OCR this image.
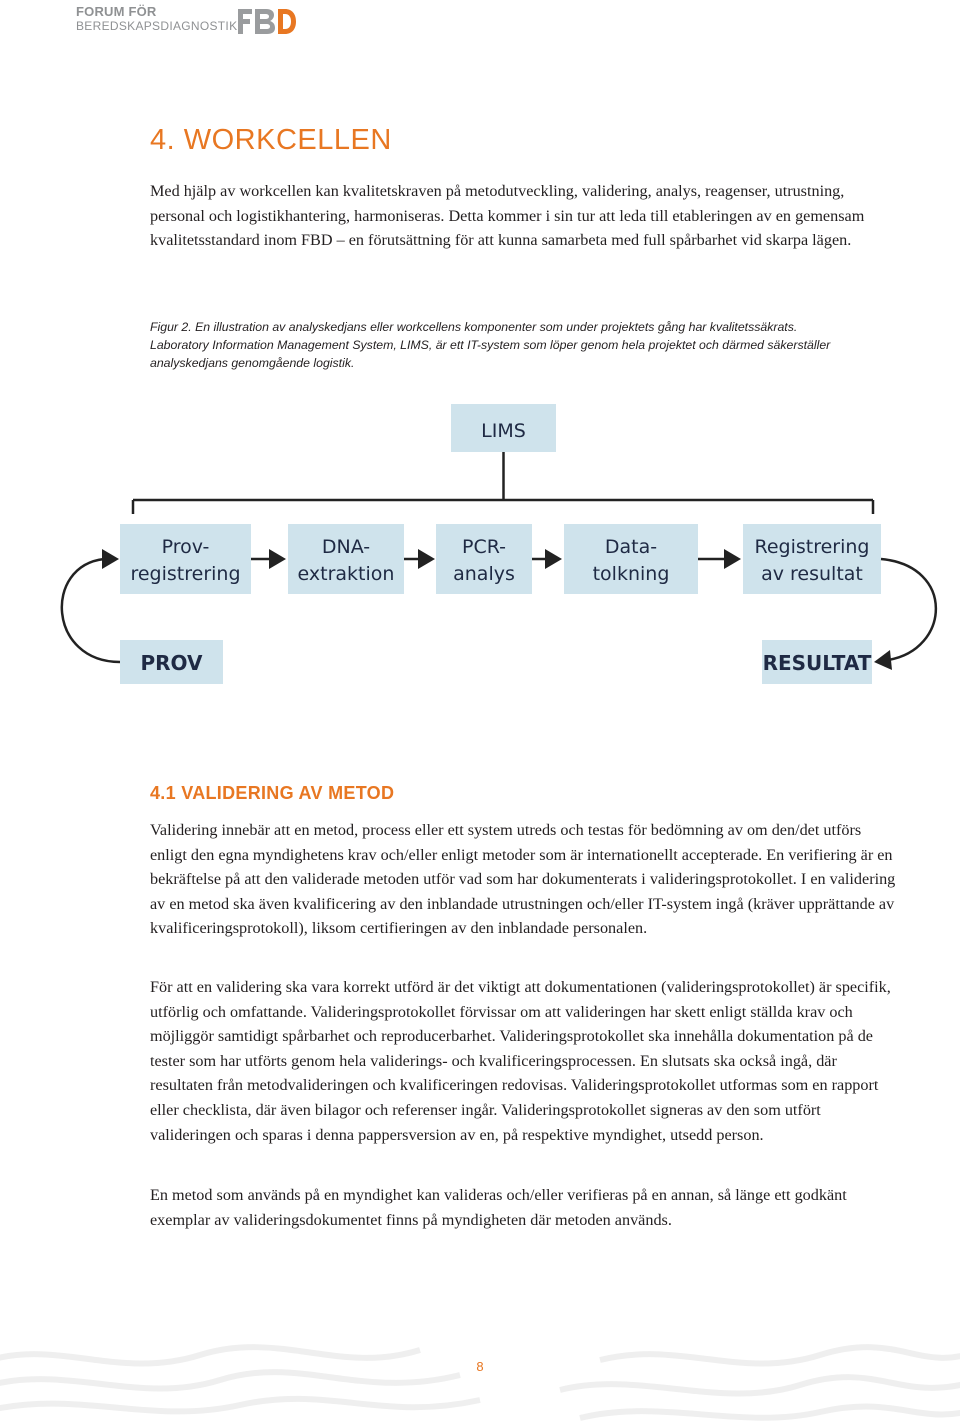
FORUM FÖR
BEREDSKAPSDIAGNOSTIK
4. WORKCELLEN

Med hjälp av workcellen kan kvalitetskraven på metodutveckling, validering, analys, reagenser, utrustning, personal och logistikhantering, harmoniseras. Detta kommer i sin tur att leda till etableringen av en gemensam kvalitetsstandard inom FBD – en förutsättning för att kunna samarbeta med full spårbarhet vid skarpa lägen.

Figur 2. En illustration av analyskedjans eller workcellens komponenter som under projektets gång har kvalitetssäkrats. Laboratory Information Management System, LIMS, är ett IT-system som löper genom hela projektet och därmed säkerställer analyskedjans genomgående logistik.

LIMS
Prov-
registrering
DNA-
extraktion
PCR-
analys
Data-
tolkning
Registrering
av resultat
PROV	RESULTAT
4.1 VALIDERING AV METOD

Validering innebär att en metod, process eller ett system utreds och testas för bedömning av om den/det utförs enligt den egna myndighetens krav och/eller enligt metoder som är internationellt accepterade. En verifiering är en bekräftelse på att den validerade metoden utför vad som har dokumenterats i valideringsprotokollet. I en validering av en metod ska även kvalificering av den inblandade utrustningen och/eller IT-system ingå (kräver upprättande av kvalificeringsprotokoll), liksom certifieringen av den inblandade personalen.

För att en validering ska vara korrekt utförd är det viktigt att dokumentationen (valideringsprotokollet) är specifik, utförlig och omfattande. Valideringsprotokollet förvissar om att valideringen har skett enligt ställda krav och möjliggör samtidigt spårbarhet och reproducerbarhet. Valideringsprotokollet ska innehålla dokumentation på de tester som har utförts genom hela validerings- och kvalificeringsprocessen. En slutsats ska också ingå, där resultaten från metodvalideringen och kvalificeringen redovisas. Valideringsprotokollet utformas som en rapport eller checklista, där även bilagor och referenser ingår. Valideringsprotokollet signeras av den som utfört valideringen och sparas i denna pappersversion av en, på respektive myndighet, utsedd person.

En metod som används på en myndighet kan valideras och/eller verifieras på en annan, så länge ett godkänt exemplar av valideringsdokumentet finns på myndigheten där metoden används.

8
